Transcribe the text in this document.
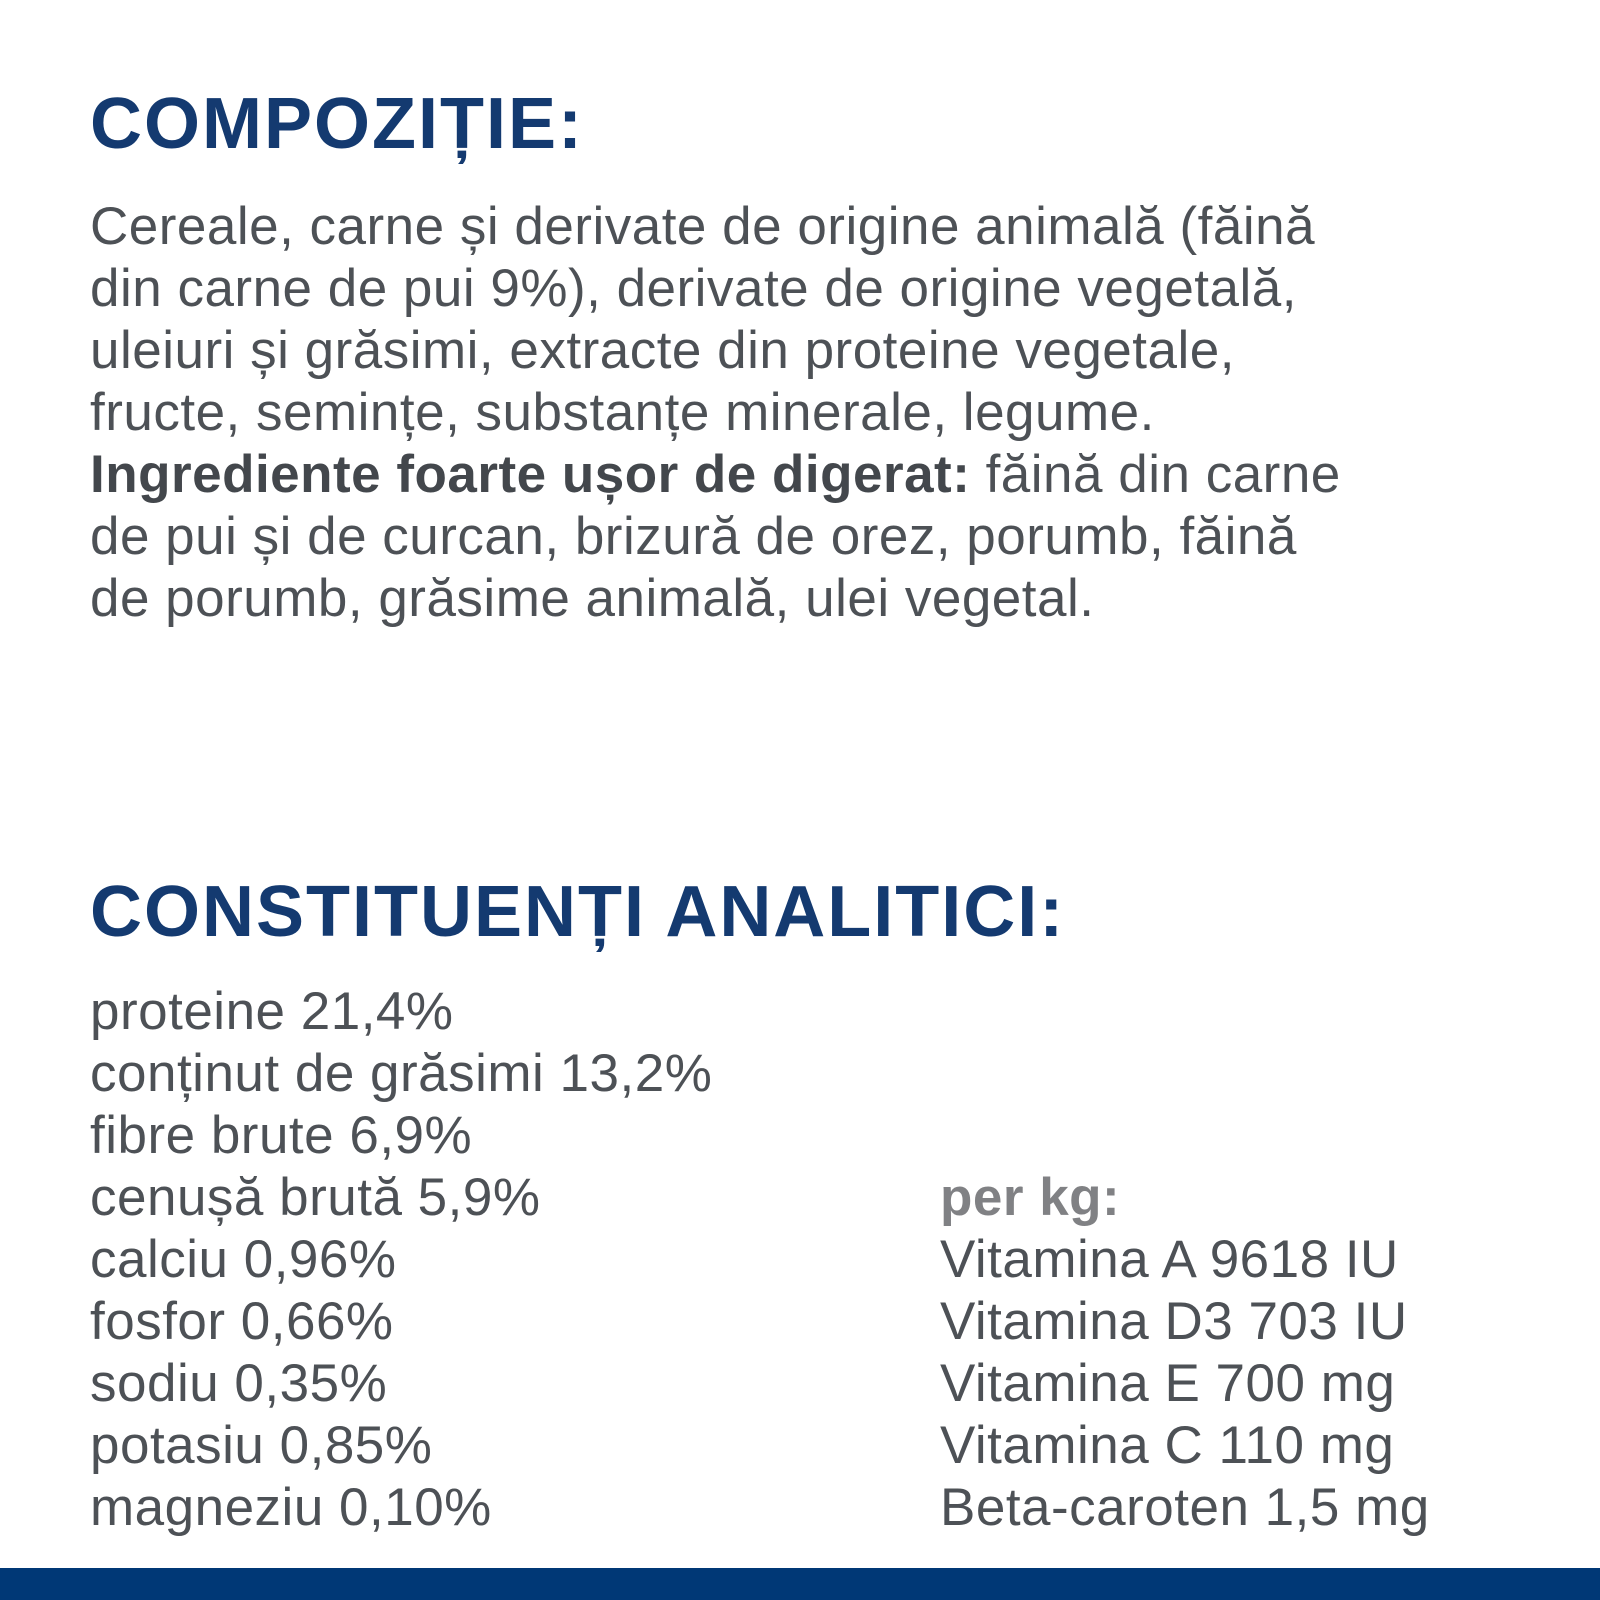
COMPOZIȚIE:
Cereale, carne și derivate de origine animală (făină
din carne de pui 9%), derivate de origine vegetală,
uleiuri și grăsimi, extracte din proteine vegetale,
fructe, semințe, substanțe minerale, legume.
Ingrediente foarte ușor de digerat: făină din carne
de pui și de curcan, brizură de orez, porumb, făină
de porumb, grăsime animală, ulei vegetal.
CONSTITUENȚI ANALITICI:
proteine 21,4%
conținut de grăsimi 13,2%
fibre brute 6,9%
cenușă brută 5,9%
calciu 0,96%
fosfor 0,66%
sodiu 0,35%
potasiu 0,85%
magneziu 0,10%
per kg:
Vitamina A 9618 IU
Vitamina D3 703 IU
Vitamina E 700 mg
Vitamina C 110 mg
Beta-caroten 1,5 mg
